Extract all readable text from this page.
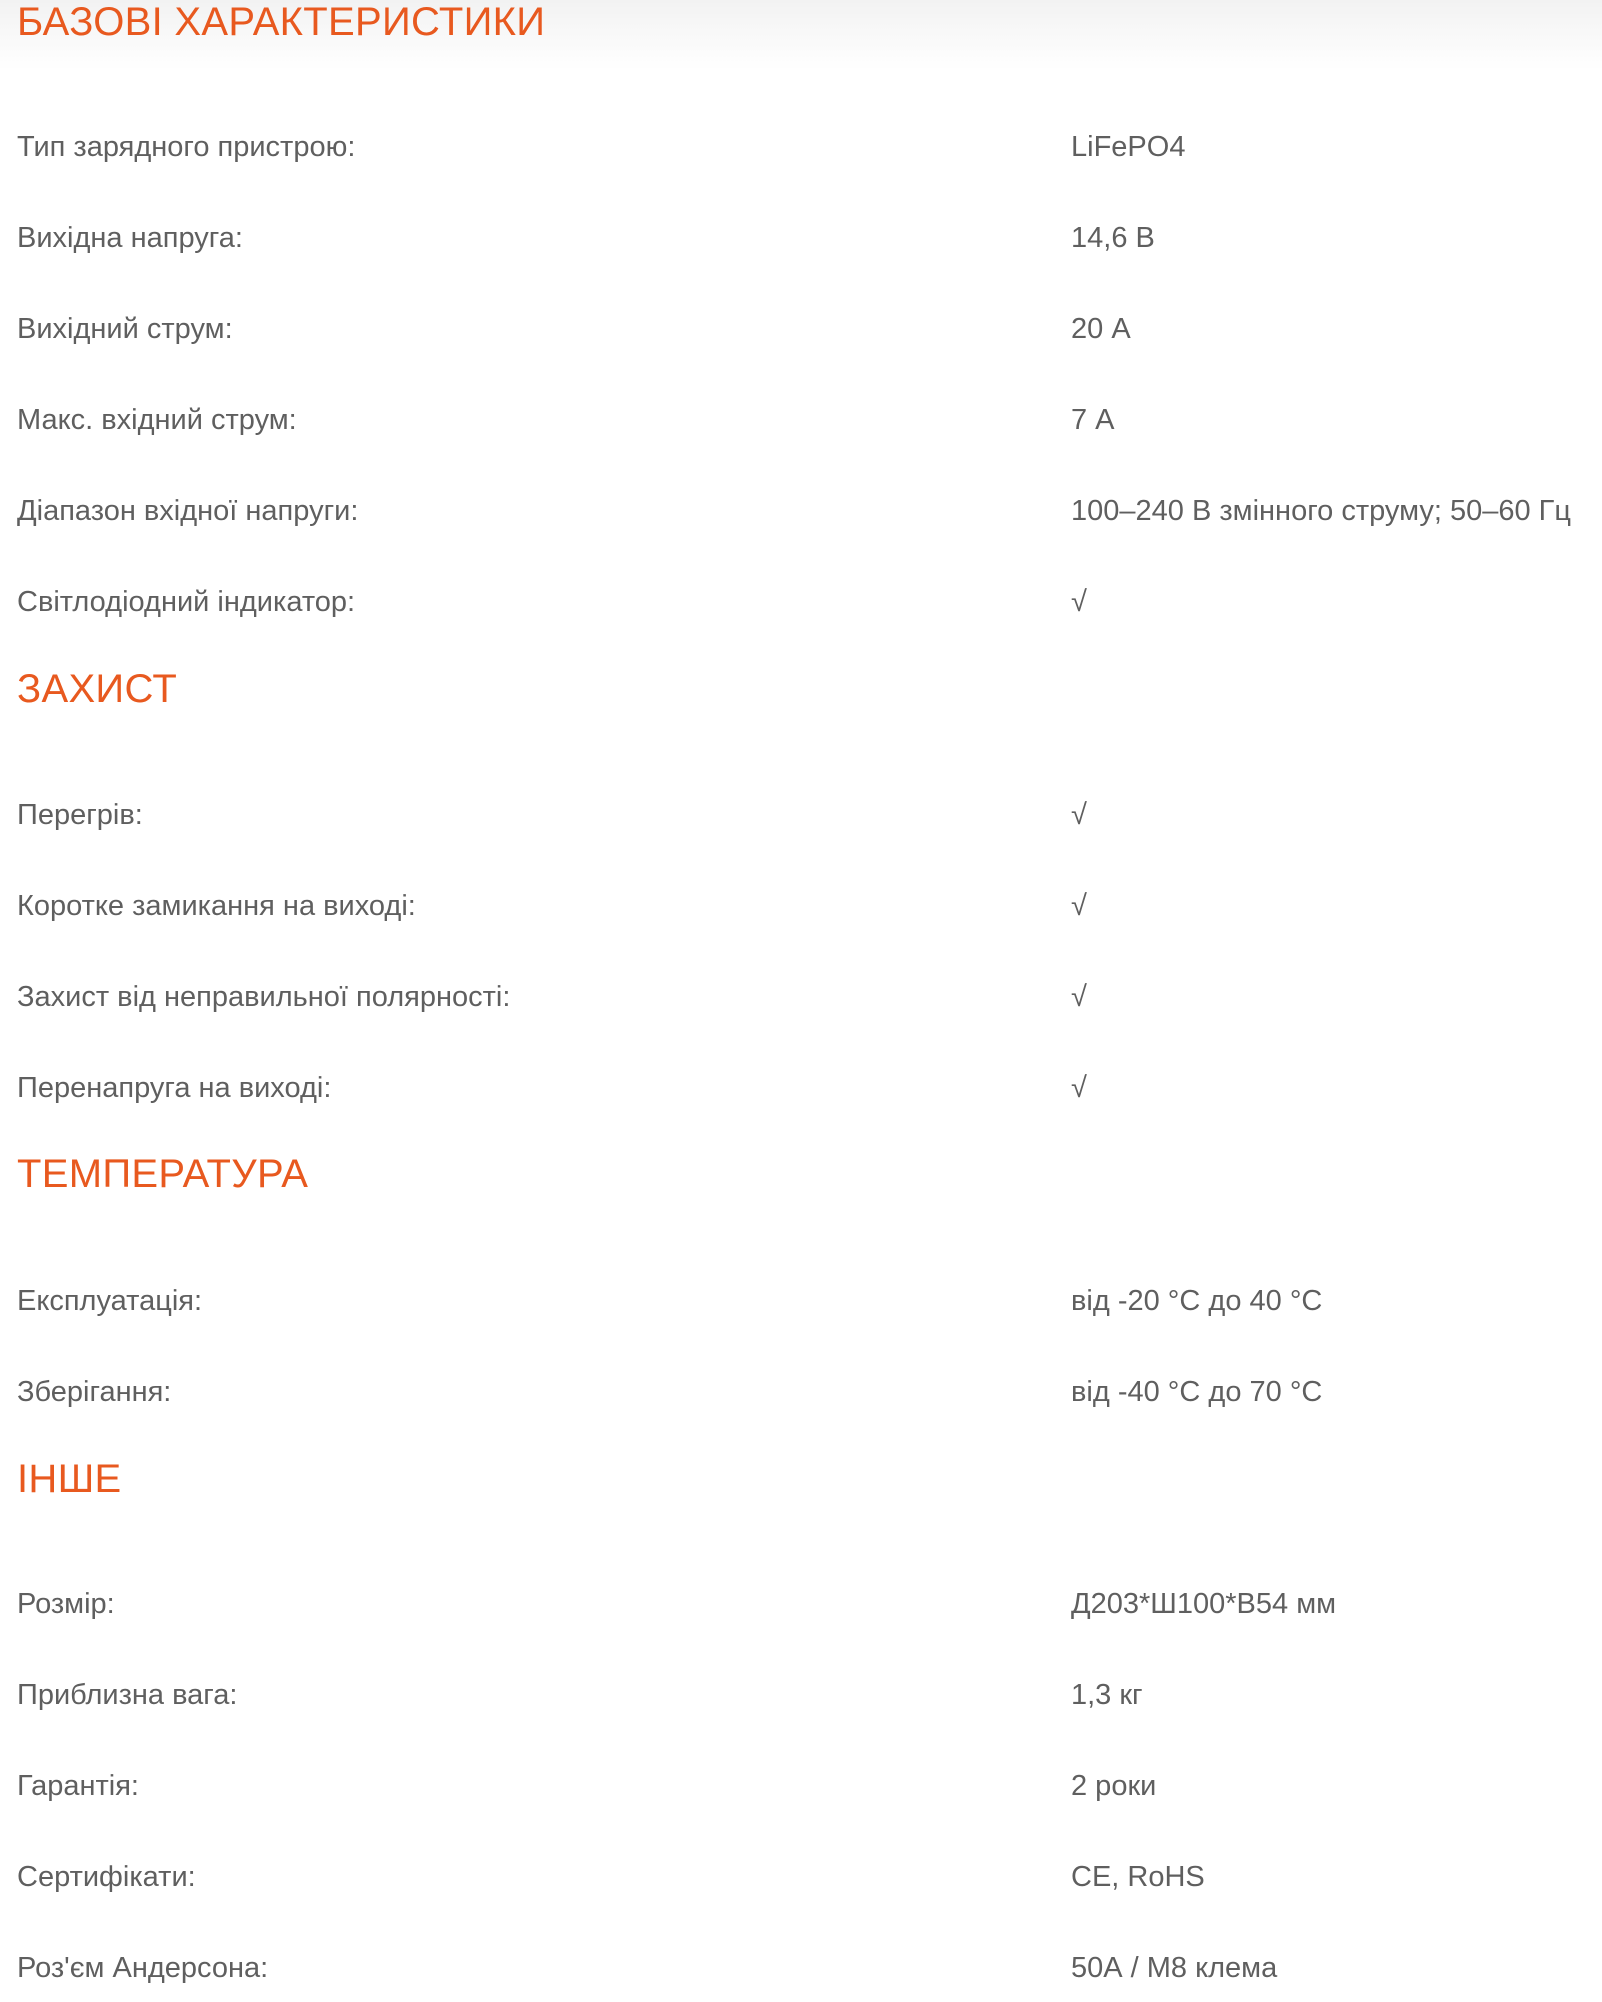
БАЗОВІ ХАРАКТЕРИСТИКИ
Тип зарядного пристрою:	LiFePO4
Вихідна напруга:	14,6 В
Вихідний струм:	20 А
Макс. вхідний струм:	7 А
Діапазон вхідної напруги:	100–240 В змінного струму; 50–60 Гц
Світлодіодний індикатор:	√
ЗАХИСТ
Перегрів:	√
Коротке замикання на виході:	√
Захист від неправильної полярності:	√
Перенапруга на виході:	√
ТЕМПЕРАТУРА
Експлуатація:	від -20 °C до 40 °C
Зберігання:	від -40 °C до 70 °C
ІНШЕ
Розмір:	Д203*Ш100*В54 мм
Приблизна вага:	1,3 кг
Гарантія:	2 роки
Сертифікати:	CE, RoHS
Роз'єм Андерсона:	50А / M8 клема
